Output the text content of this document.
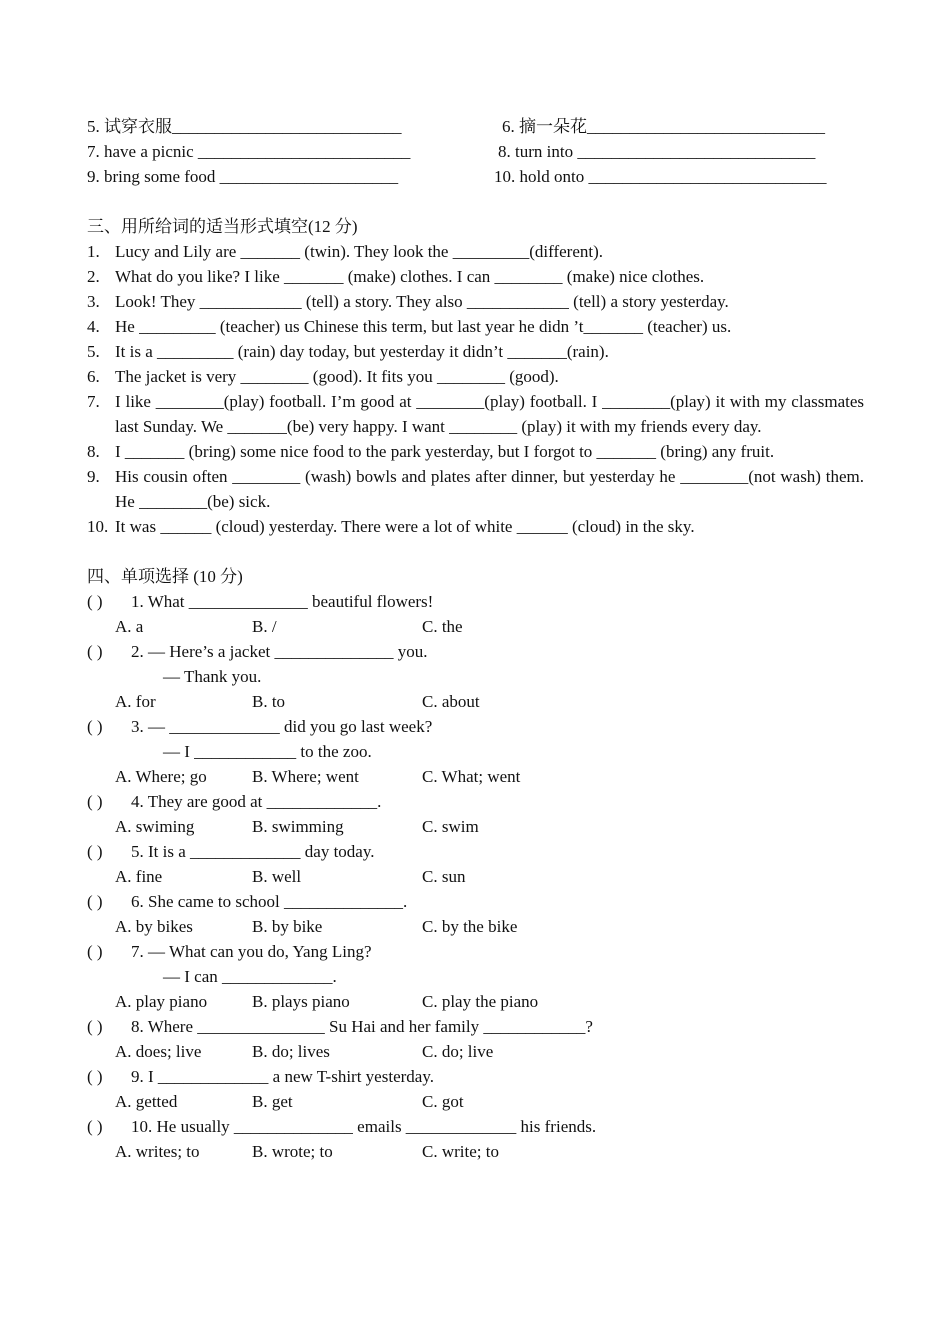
5. 试穿衣服___________________________	6. 摘一朵花____________________________
7. have a picnic _________________________	8. turn into ____________________________
9. bring some food _____________________	10. hold onto ____________________________
三、用所给词的适当形式填空(12 分)
1. Lucy and Lily are _______ (twin). They look the _________(different).
2. What do you like? I like _______ (make) clothes. I can ________ (make) nice clothes.
3. Look! They ____________ (tell) a story. They also ____________ (tell) a story yesterday.
4. He _________ (teacher) us Chinese this term, but last year he didn ’t_______ (teacher) us.
5. It is a _________ (rain) day today, but yesterday it didn’t _______(rain).
6. The jacket is very ________ (good). It fits you ________ (good).
7. I like ________(play) football. I’m good at ________(play) football. I ________(play) it with my classmates last Sunday. We _______(be) very happy. I want ________ (play) it with my friends every day.
8. I _______ (bring) some nice food to the park yesterday, but I forgot to _______ (bring) any fruit.
9. His cousin often ________ (wash) bowls and plates after dinner, but yesterday he ________(not wash) them. He ________(be) sick.
10. It was ______ (cloud) yesterday. There were a lot of white ______ (cloud) in the sky.
四、单项选择 (10 分)
( ) 1. What ______________ beautiful flowers!
A. a	B. /	C. the
( ) 2. — Here’s a jacket ______________ you.
— Thank you.
A. for	B. to	C. about
( ) 3. — _____________ did you go last week?
— I ____________ to the zoo.
A. Where; go	B. Where; went	C. What; went
( ) 4. They are good at _____________.
A. swiming	B. swimming	C. swim
( ) 5. It is a _____________ day today.
A. fine	B. well	C. sun
( ) 6. She came to school ______________.
A. by bikes	B. by bike	C. by the bike
( ) 7. — What can you do, Yang Ling?
— I can _____________.
A. play piano	B. plays piano	C. play the piano
( ) 8. Where _______________ Su Hai and her family ____________?
A. does; live	B. do; lives	C. do; live
( ) 9. I _____________ a new T-shirt yesterday.
A. getted	B. get	C. got
( ) 10. He usually ______________ emails _____________ his friends.
A. writes; to	B. wrote; to	C. write; to
